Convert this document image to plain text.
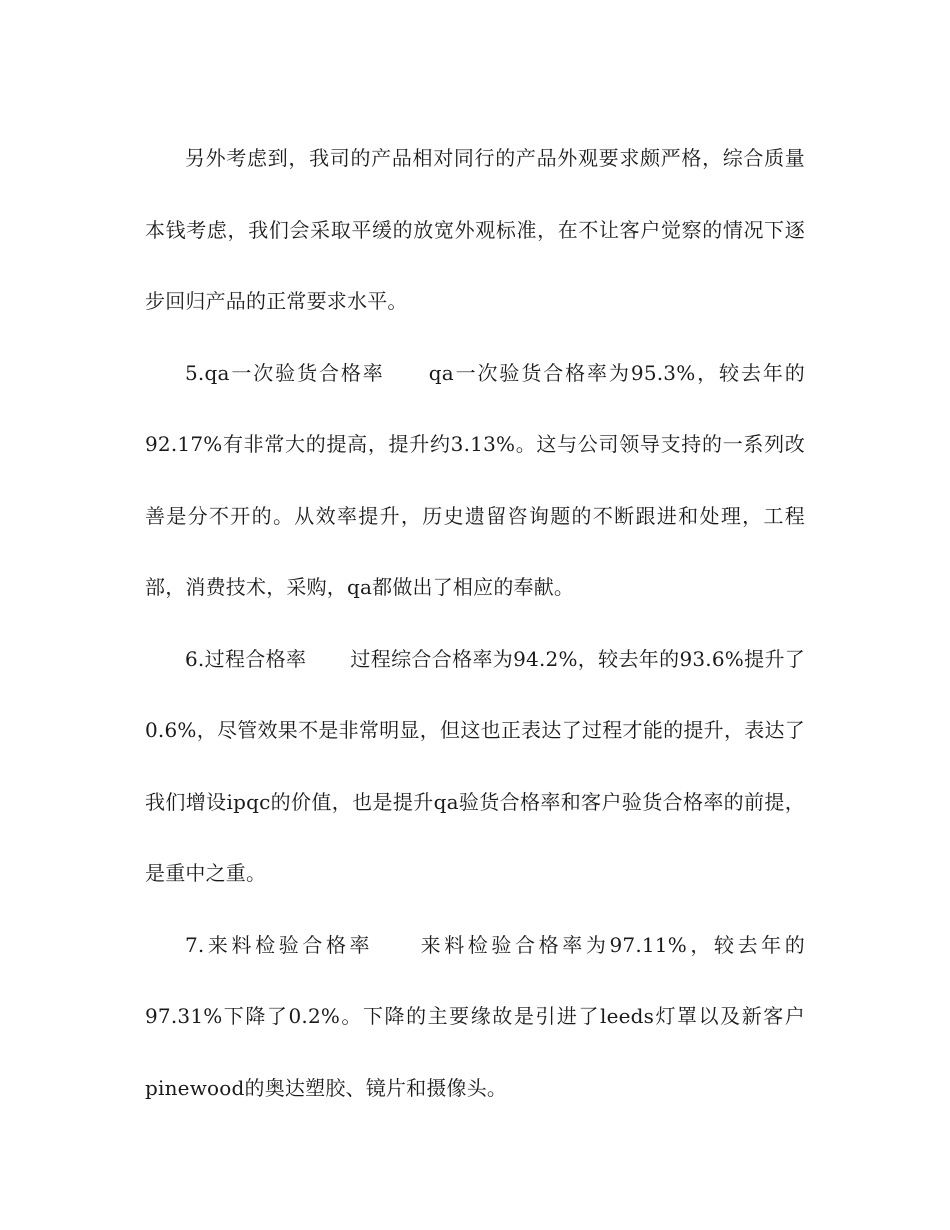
另外考虑到，我司的产品相对同行的产品外观要求颇严格，综合质量本钱考虑，我们会采取平缓的放宽外观标准，在不让客户觉察的情况下逐步回归产品的正常要求水平。

5.qa一次验货合格率 qa一次验货合格率为95.3%，较去年的92.17%有非常大的提高，提升约3.13%。这与公司领导支持的一系列改善是分不开的。从效率提升，历史遗留咨询题的不断跟进和处理，工程部，消费技术，采购，qa都做出了相应的奉献。

6.过程合格率 过程综合合格率为94.2%，较去年的93.6%提升了0.6%，尽管效果不是非常明显，但这也正表达了过程才能的提升，表达了我们增设ipqc的价值，也是提升qa验货合格率和客户验货合格率的前提，是重中之重。

7.来料检验合格率 来料检验合格率为97.11%，较去年的97.31%下降了0.2%。下降的主要缘故是引进了leeds灯罩以及新客户pinewood的奥达塑胶、镜片和摄像头。
